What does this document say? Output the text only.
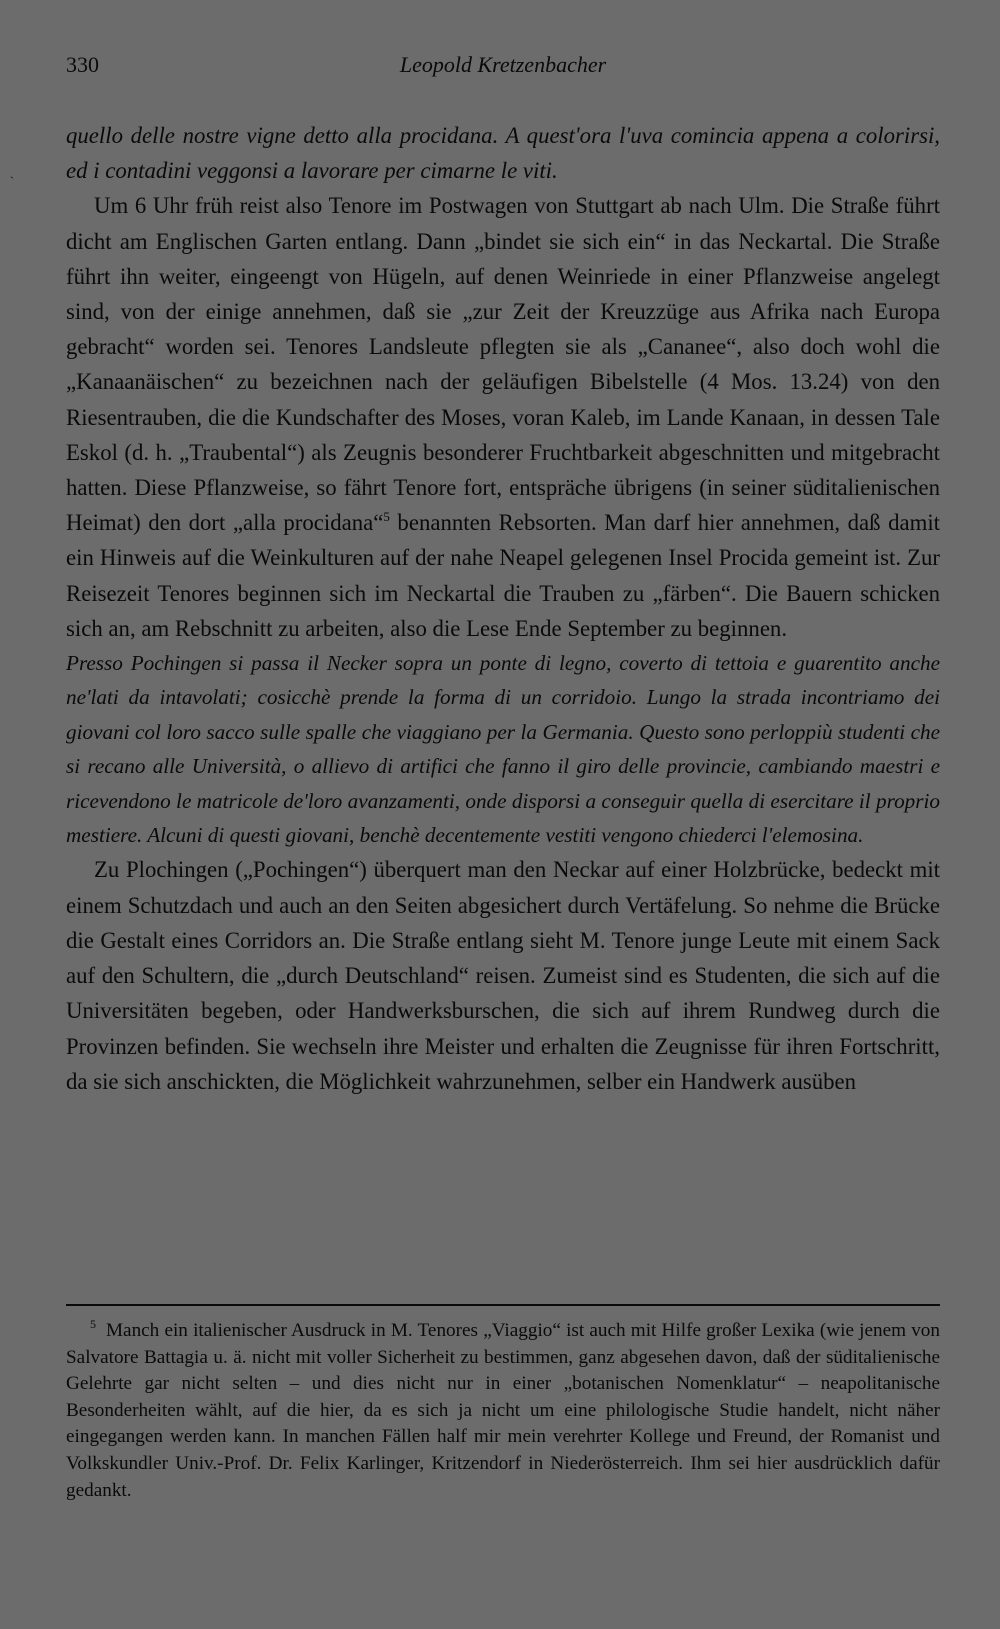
`
330	Leopold Kretzenbacher

quello delle nostre vigne detto alla procidana. A quest'ora l'uva comincia appena a colorirsi, ed i contadini veggonsi a lavorare per cimarne le viti.

Um 6 Uhr früh reist also Tenore im Postwagen von Stuttgart ab nach Ulm. Die Straße führt dicht am Englischen Garten entlang. Dann „bindet sie sich ein“ in das Neckartal. Die Straße führt ihn weiter, eingeengt von Hügeln, auf denen Weinriede in einer Pflanzweise angelegt sind, von der einige annehmen, daß sie „zur Zeit der Kreuzzüge aus Afrika nach Europa gebracht“ worden sei. Tenores Landsleute pflegten sie als „Cananee“, also doch wohl die „Kanaanäischen“ zu bezeichnen nach der geläufigen Bibelstelle (4 Mos. 13.24) von den Riesentrauben, die die Kundschafter des Moses, voran Kaleb, im Lande Kanaan, in dessen Tale Eskol (d. h. „Traubental“) als Zeugnis besonderer Fruchtbarkeit abgeschnitten und mitgebracht hatten. Diese Pflanzweise, so fährt Tenore fort, entspräche übrigens (in seiner süditalienischen Heimat) den dort „alla procidana“$^5$ benannten Rebsorten. Man darf hier annehmen, daß damit ein Hinweis auf die Weinkulturen auf der nahe Neapel gelegenen Insel Procida gemeint ist. Zur Reisezeit Tenores beginnen sich im Neckartal die Trauben zu „färben“. Die Bauern schicken sich an, am Rebschnitt zu arbeiten, also die Lese Ende September zu beginnen.

Presso Pochingen si passa il Necker sopra un ponte di legno, coverto di tettoia e guarentito anche ne'lati da intavolati; cosicchè prende la forma di un corridoio. Lungo la strada incontriamo dei giovani col loro sacco sulle spalle che viaggiano per la Germania. Questo sono perloppiù studenti che si recano alle Università, o allievo di artifici che fanno il giro delle provincie, cambiando maestri e ricevendono le matricole de'loro avanzamenti, onde disporsi a conseguir quella di esercitare il proprio mestiere. Alcuni di questi giovani, benchè decentemente vestiti vengono chiederci l'elemosina.

Zu Plochingen („Pochingen“) überquert man den Neckar auf einer Holzbrücke, bedeckt mit einem Schutzdach und auch an den Seiten abgesichert durch Vertäfelung. So nehme die Brücke die Gestalt eines Corridors an. Die Straße entlang sieht M. Tenore junge Leute mit einem Sack auf den Schultern, die „durch Deutschland“ reisen. Zumeist sind es Studenten, die sich auf die Universitäten begeben, oder Handwerksburschen, die sich auf ihrem Rundweg durch die Provinzen befinden. Sie wechseln ihre Meister und erhalten die Zeugnisse für ihren Fortschritt, da sie sich anschickten, die Möglichkeit wahrzunehmen, selber ein Handwerk ausüben

$^5$ Manch ein italienischer Ausdruck in M. Tenores „Viaggio“ ist auch mit Hilfe großer Lexika (wie jenem von Salvatore Battagia u. ä. nicht mit voller Sicherheit zu bestimmen, ganz abgesehen davon, daß der süditalienische Gelehrte gar nicht selten – und dies nicht nur in einer „botanischen Nomenklatur“ – neapolitanische Besonderheiten wählt, auf die hier, da es sich ja nicht um eine philologische Studie handelt, nicht näher eingegangen werden kann. In manchen Fällen half mir mein verehrter Kollege und Freund, der Romanist und Volkskundler Univ.-Prof. Dr. Felix Karlinger, Kritzendorf in Niederösterreich. Ihm sei hier ausdrücklich dafür gedankt.
